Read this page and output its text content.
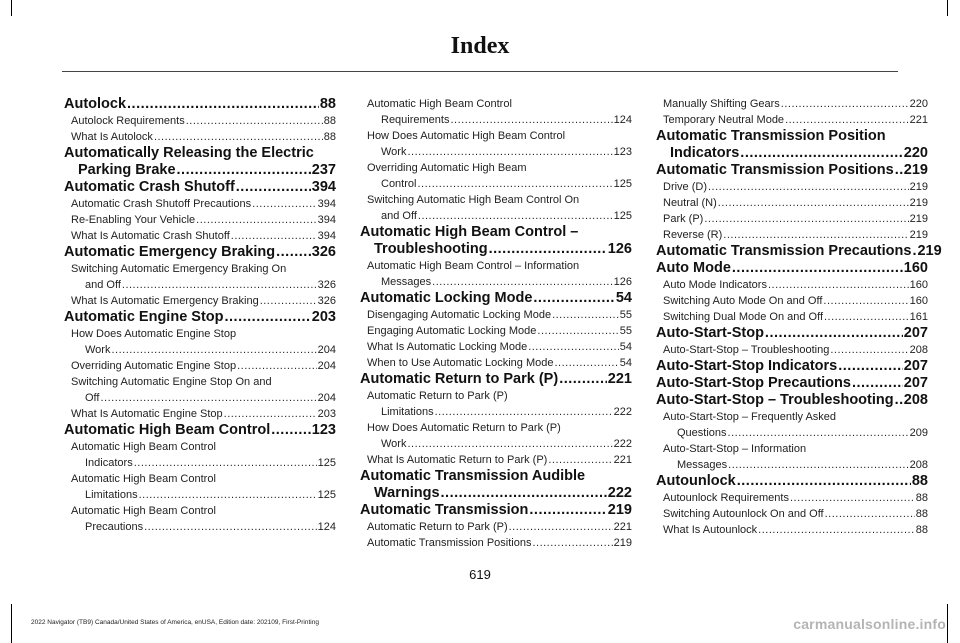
Index
Autolock .....	88
Autolock Requirements .....	88
What Is Autolock .....	88
Automatically Releasing the Electric
Parking Brake .....	237
Automatic Crash Shutoff .....	394
Automatic Crash Shutoff Precautions .....	394
Re-Enabling Your Vehicle .....	394
What Is Automatic Crash Shutoff .....	394
Automatic Emergency Braking .....	326
Switching Automatic Emergency Braking On
and Off .....	326
What Is Automatic Emergency Braking .....	326
Automatic Engine Stop .....	203
How Does Automatic Engine Stop
Work .....	204
Overriding Automatic Engine Stop .....	204
Switching Automatic Engine Stop On and
Off .....	204
What Is Automatic Engine Stop .....	203
Automatic High Beam Control .....	123
Automatic High Beam Control
Indicators .....	125
Automatic High Beam Control
Limitations .....	125
Automatic High Beam Control
Precautions .....	124
Automatic High Beam Control
Requirements .....	124
How Does Automatic High Beam Control
Work .....	123
Overriding Automatic High Beam
Control .....	125
Switching Automatic High Beam Control On
and Off .....	125
Automatic High Beam Control –
Troubleshooting .....	126
Automatic High Beam Control – Information
Messages .....	126
Automatic Locking Mode .....	54
Disengaging Automatic Locking Mode .....	55
Engaging Automatic Locking Mode .....	55
What Is Automatic Locking Mode .....	54
When to Use Automatic Locking Mode .....	54
Automatic Return to Park (P) .....	221
Automatic Return to Park (P)
Limitations .....	222
How Does Automatic Return to Park (P)
Work .....	222
What Is Automatic Return to Park (P) .....	221
Automatic Transmission Audible
Warnings .....	222
Automatic Transmission .....	219
Automatic Return to Park (P) .....	221
Automatic Transmission Positions .....	219
Manually Shifting Gears .....	220
Temporary Neutral Mode .....	221
Automatic Transmission Position
Indicators .....	220
Automatic Transmission Positions ..... 219
Drive (D) .....	219
Neutral (N) .....	219
Park (P) .....	219
Reverse (R) .....	219
Automatic Transmission Precautions ..... 219
Auto Mode .....	160
Auto Mode Indicators .....	160
Switching Auto Mode On and Off .....	160
Switching Dual Mode On and Off .....	161
Auto-Start-Stop .....	207
Auto-Start-Stop – Troubleshooting .....	208
Auto-Start-Stop Indicators .....	207
Auto-Start-Stop Precautions .....	207
Auto-Start-Stop – Troubleshooting ..... 208
Auto-Start-Stop – Frequently Asked
Questions .....	209
Auto-Start-Stop – Information
Messages .....	208
Autounlock .....	88
Autounlock Requirements .....	88
Switching Autounlock On and Off .....	88
What Is Autounlock .....	88
619
2022 Navigator (TB9) Canada/United States of America, enUSA, Edition date: 202109, First-Printing	carmanualsonline.info
